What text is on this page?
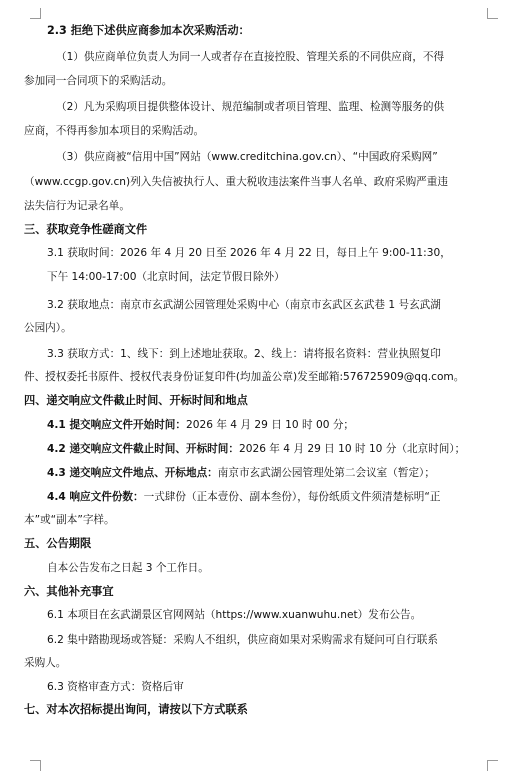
2.3 拒绝下述供应商参加本次采购活动：
（1）供应商单位负责人为同一人或者存在直接控股、管理关系的不同供应商，不得
参加同一合同项下的采购活动。
（2）凡为采购项目提供整体设计、规范编制或者项目管理、监理、检测等服务的供
应商，不得再参加本项目的采购活动。
（3）供应商被“信用中国”网站（www.creditchina.gov.cn）、“中国政府采购网”
（www.ccgp.gov.cn)列入失信被执行人、重大税收违法案件当事人名单、政府采购严重违
法失信行为记录名单。
三、获取竞争性磋商文件
3.1 获取时间：2026 年 4 月 20 日至 2026 年 4 月 22 日，每日上午 9:00-11:30，
下午 14:00-17:00（北京时间，法定节假日除外）
3.2 获取地点：南京市玄武湖公园管理处采购中心（南京市玄武区玄武巷 1 号玄武湖
公园内）。
3.3 获取方式：1、线下：到上述地址获取。2、线上：请将报名资料：营业执照复印
件、授权委托书原件、授权代表身份证复印件(均加盖公章)发至邮箱:576725909@qq.com。
四、递交响应文件截止时间、开标时间和地点
4.1 提交响应文件开始时间：2026 年 4 月 29 日 10 时 00 分；
4.2 递交响应文件截止时间、开标时间：2026 年 4 月 29 日 10 时 10 分（北京时间）；
4.3 递交响应文件地点、开标地点：南京市玄武湖公园管理处第二会议室（暂定）；
4.4 响应文件份数：一式肆份（正本壹份、副本叁份），每份纸质文件须清楚标明“正
本”或“副本”字样。
五、公告期限
自本公告发布之日起 3 个工作日。
六、其他补充事宜
6.1 本项目在玄武湖景区官网网站（https://www.xuanwuhu.net）发布公告。
6.2 集中踏勘现场或答疑：采购人不组织，供应商如果对采购需求有疑问可自行联系
采购人。
6.3 资格审查方式：资格后审
七、对本次招标提出询问，请按以下方式联系
